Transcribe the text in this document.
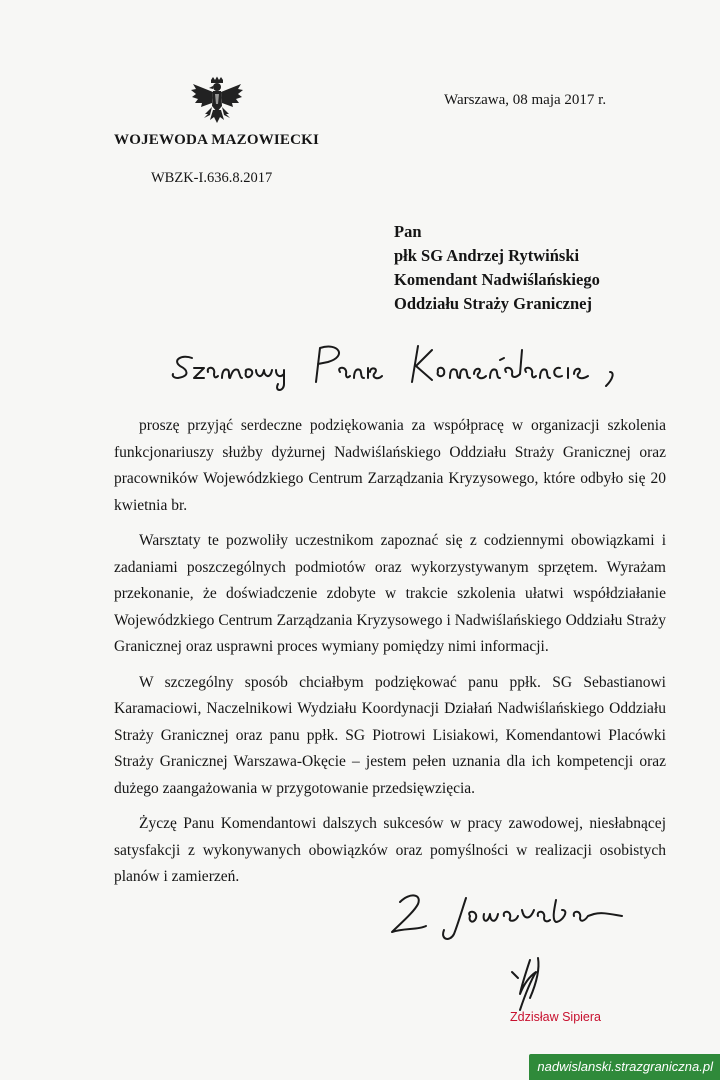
WOJEWODA MAZOWIECKI
WBZK-I.636.8.2017
Warszawa, 08 maja 2017 r.
Pan
płk SG Andrzej Rytwiński
Komendant Nadwiślańskiego
Oddziału Straży Granicznej

proszę przyjąć serdeczne podziękowania za współpracę w organizacji szkolenia funkcjonariuszy służby dyżurnej Nadwiślańskiego Oddziału Straży Granicznej oraz pracowników Wojewódzkiego Centrum Zarządzania Kryzysowego, które odbyło się 20 kwietnia br.

Warsztaty te pozwoliły uczestnikom zapoznać się z codziennymi obowiązkami i zadaniami poszczególnych podmiotów oraz wykorzystywanym sprzętem. Wyrażam przekonanie, że doświadczenie zdobyte w trakcie szkolenia ułatwi współdziałanie Wojewódzkiego Centrum Zarządzania Kryzysowego i Nadwiślańskiego Oddziału Straży Granicznej oraz usprawni proces wymiany pomiędzy nimi informacji.

W szczególny sposób chciałbym podziękować panu ppłk. SG Sebastianowi Karamaciowi, Naczelnikowi Wydziału Koordynacji Działań Nadwiślańskiego Oddziału Straży Granicznej oraz panu ppłk. SG Piotrowi Lisiakowi, Komendantowi Placówki Straży Granicznej Warszawa-Okęcie – jestem pełen uznania dla ich kompetencji oraz dużego zaangażowania w przygotowanie przedsięwzięcia.

Życzę Panu Komendantowi dalszych sukcesów w pracy zawodowej, niesłabnącej satysfakcji z wykonywanych obowiązków oraz pomyślności w realizacji osobistych planów i zamierzeń.

Zdzisław Sipiera
nadwislanski.strazgraniczna.pl
